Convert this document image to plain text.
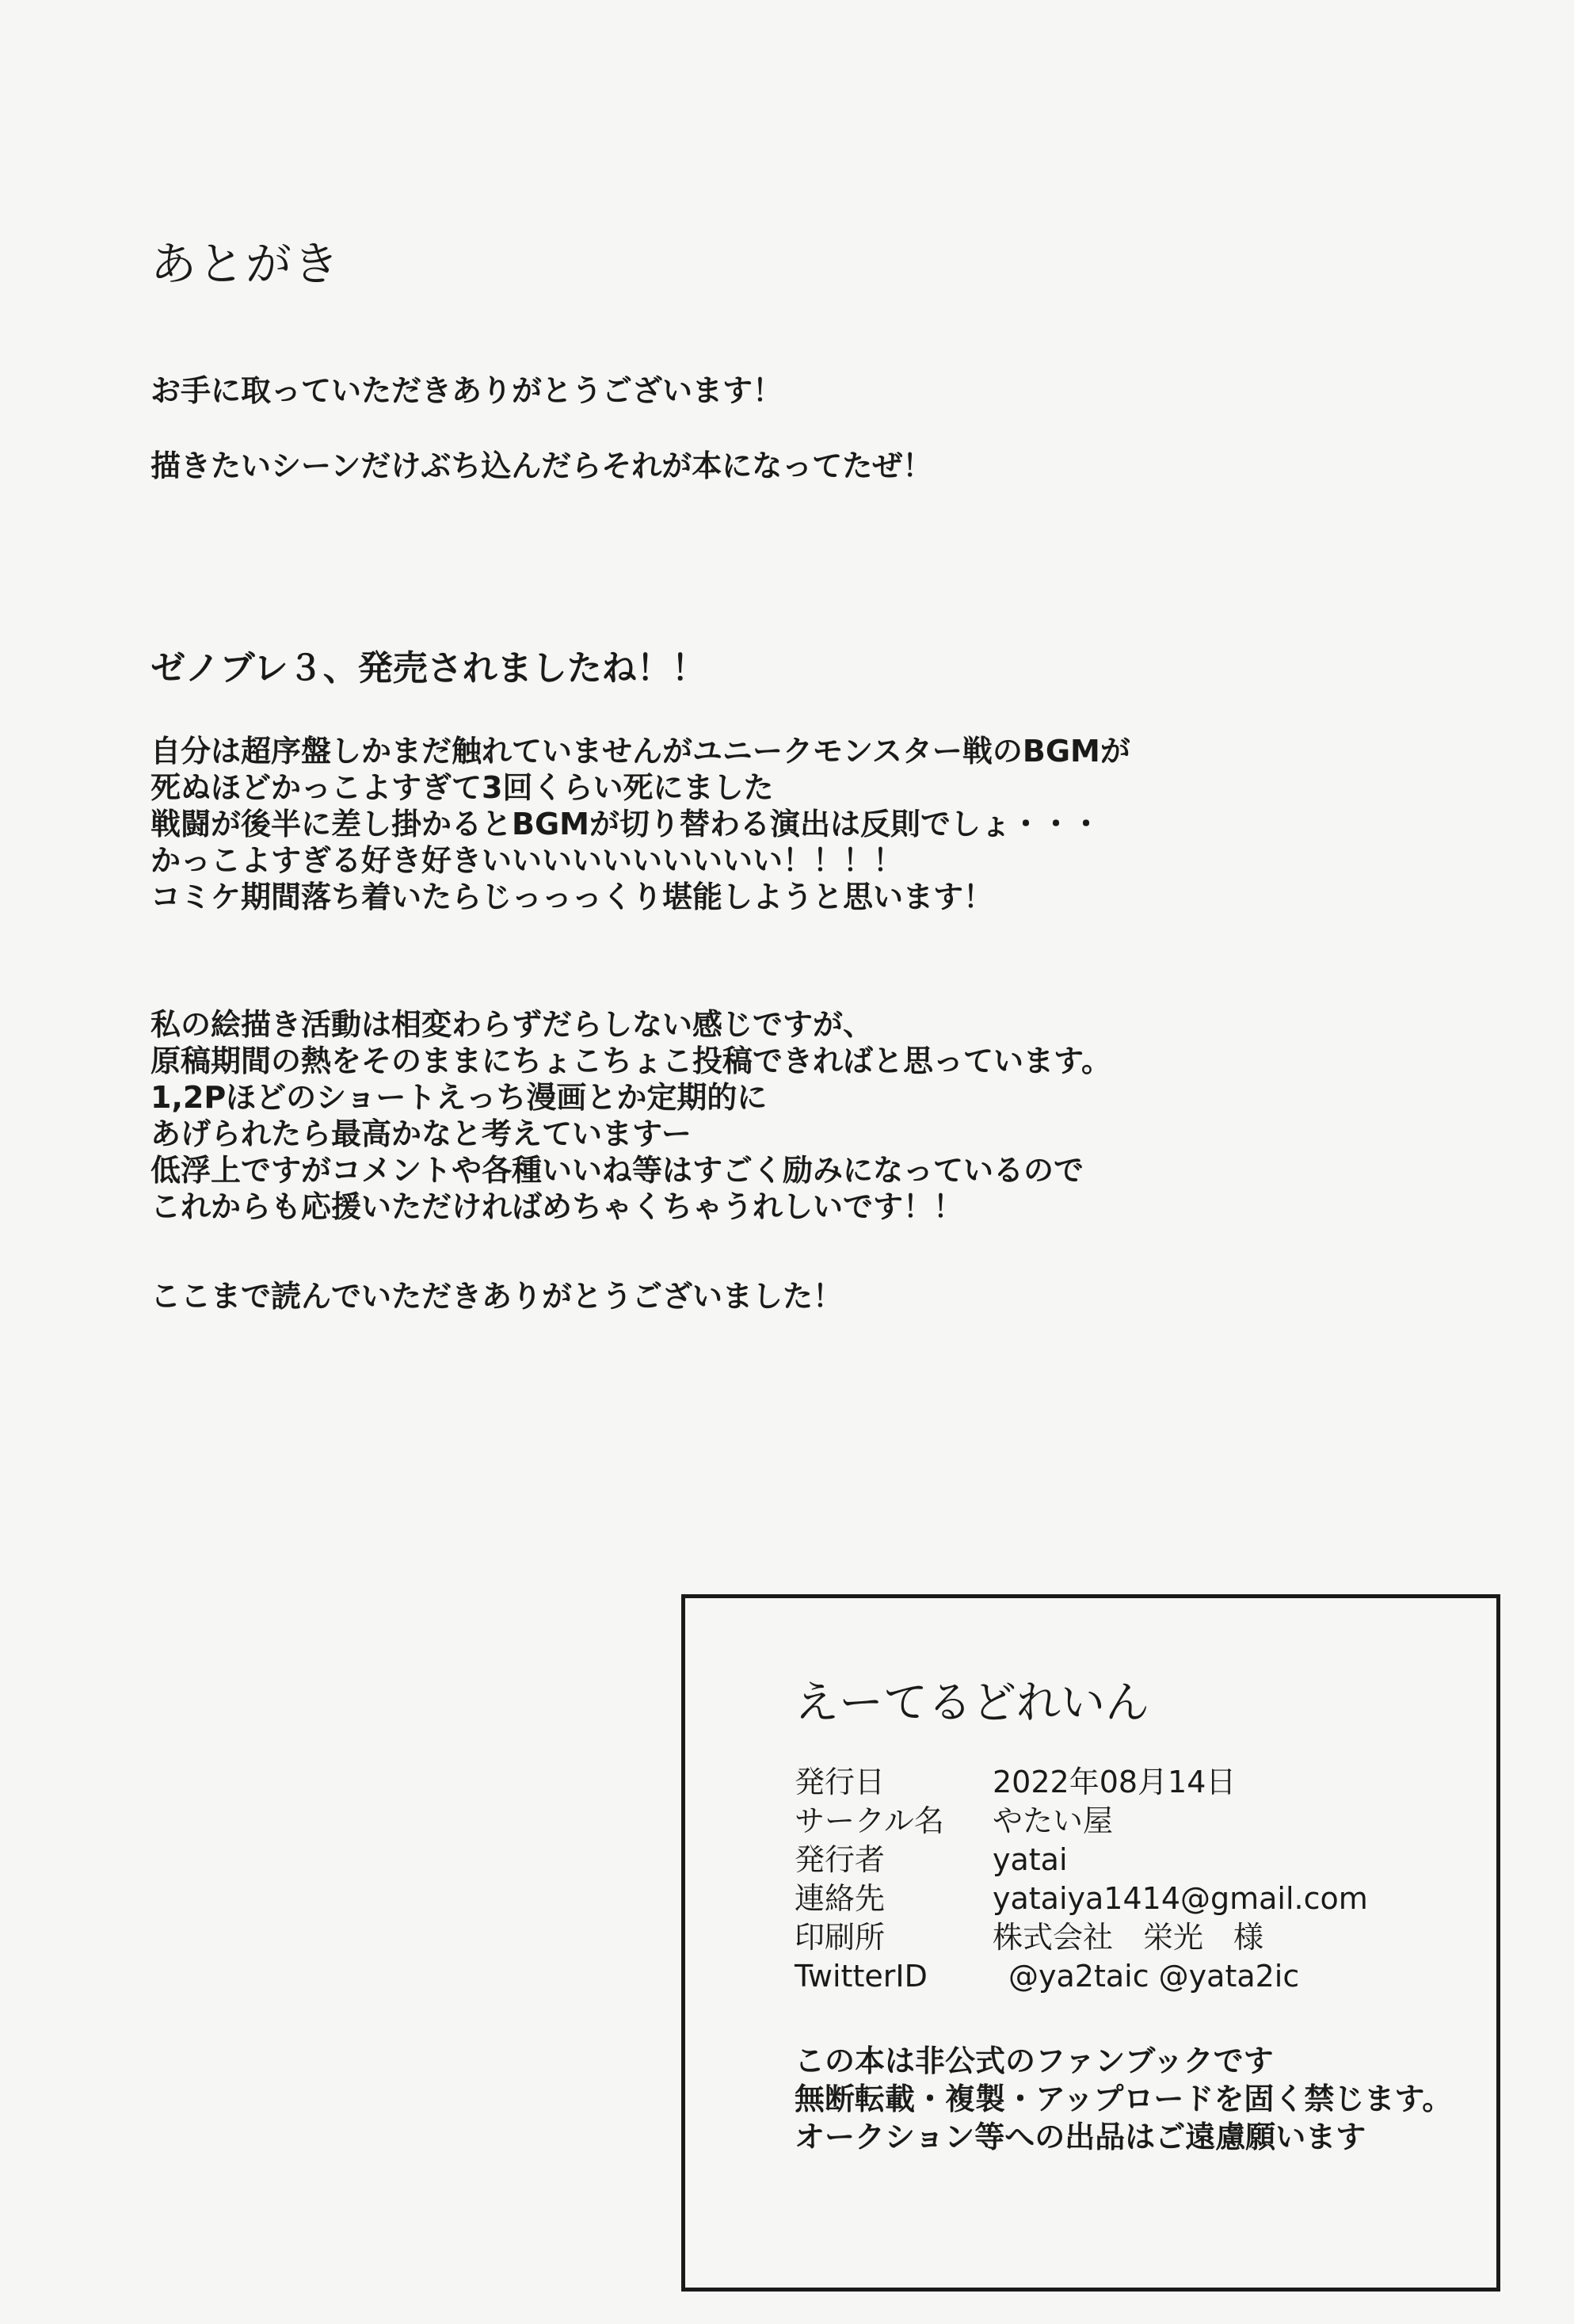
あとがき

お手に取っていただきありがとうございます！

描きたいシーンだけぶち込んだらそれが本になってたぜ！

ゼノブレ３、発売されましたね！！

自分は超序盤しかまだ触れていませんがユニークモンスター戦のBGMが

死ぬほどかっこよすぎて3回くらい死にました

戦闘が後半に差し掛かるとBGMが切り替わる演出は反則でしょ・・・

かっこよすぎる好き好きいいいいいいいいいい！！！！

コミケ期間落ち着いたらじっっっくり堪能しようと思います！

私の絵描き活動は相変わらずだらしない感じですが、

原稿期間の熱をそのままにちょこちょこ投稿できればと思っています。

1,2Pほどのショートえっち漫画とか定期的に

あげられたら最高かなと考えていますー

低浮上ですがコメントや各種いいね等はすごく励みになっているので

これからも応援いただければめちゃくちゃうれしいです！！

ここまで読んでいただきありがとうございました！

えーてるどれいん
発行日	2022年08月14日
サークル名	やたい屋
発行者	yatai
連絡先	yataiya1414@gmail.com
印刷所	株式会社　栄光　様
TwitterID	@ya2taic @yata2ic
この本は非公式のファンブックです
無断転載・複製・アップロードを固く禁じます。
オークション等への出品はご遠慮願います
